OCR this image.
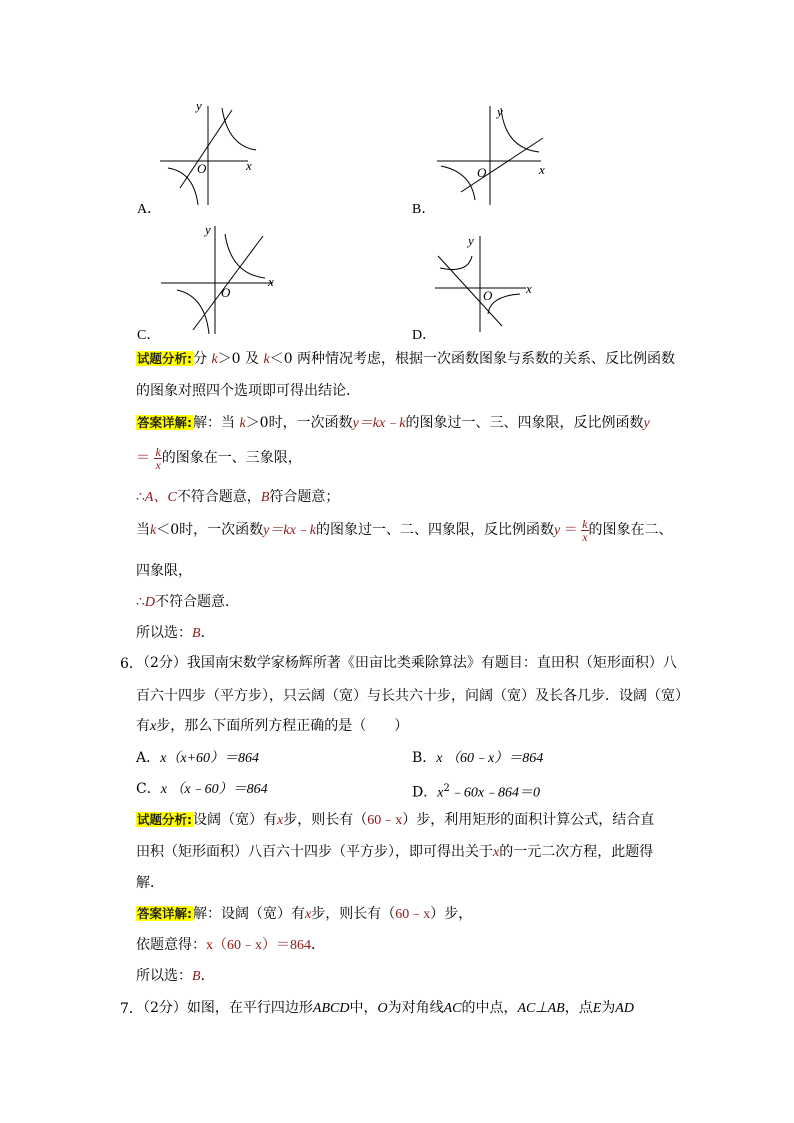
y
x
O
A．
y
x
O
B．
y
x
O
C．
y
x
O
D．
试题分析:分 k＞0 及 k＜0 两种情况考虑，根据一次函数图象与系数的关系、反比例函数
的图象对照四个选项即可得出结论．
答案详解:解：当 k＞0时，一次函数y＝kx﹣k的图象过一、三、四象限，反比例函数y
＝ $\frac{k}{x}$ 的图象在一、三象限，
∴A、C不符合题意，B符合题意；
当k＜0时，一次函数y＝kx﹣k的图象过一、二、四象限，反比例函数$y = \frac{k}{x}$ 的图象在二、
四象限，
∴D不符合题意．
所以选：B．
6．
（2分）我国南宋数学家杨辉所著《田亩比类乘除算法》有题目：直田积（矩形面积）八
百六十四步（平方步），只云阔（宽）与长共六十步，问阔（宽）及长各几步．设阔（宽）
有x步，那么下面所列方程正确的是（　　）
A．x（x+60）＝864	B．x （60﹣x）＝864
C．x （x﹣60）＝864	D．$x^2﹣60x﹣864=0$
试题分析:设阔（宽）有x步，则长有（60﹣x）步，利用矩形的面积计算公式，结合直
田积（矩形面积）八百六十四步（平方步），即可得出关于x的一元二次方程，此题得
解．
答案详解:解：设阔（宽）有x步，则长有（60﹣x）步，
依题意得：x（60﹣x）＝864．
所以选：B．
7．
（2分）如图，在平行四边形ABCD中，O为对角线AC的中点，AC⊥AB，点E为AD
